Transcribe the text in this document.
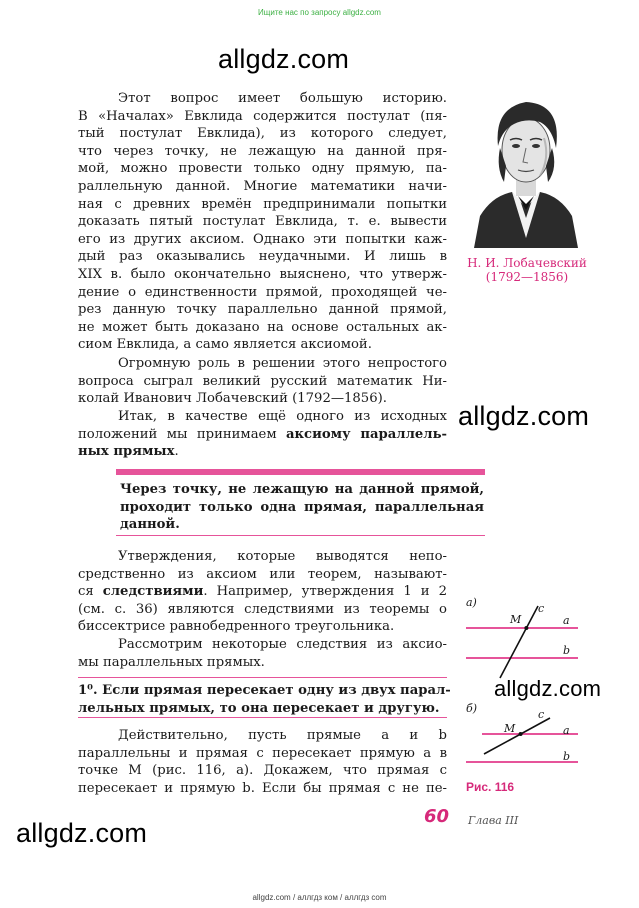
Ищите нас по запросу allgdz.com
allgdz.com
allgdz.com
allgdz.com
allgdz.com
Этот вопрос имеет большую историю.
В «Началах» Евклида содержится постулат (пя-
тый постулат Евклида), из которого следует,
что через точку, не лежащую на данной пря-
мой, можно провести только одну прямую, па-
раллельную данной. Многие математики начи-
ная с древних времён предпринимали попытки
доказать пятый постулат Евклида, т. е. вывести
его из других аксиом. Однако эти попытки каж-
дый раз оказывались неудачными. И лишь в
XIX в. было окончательно выяснено, что утверж-
дение о единственности прямой, проходящей че-
рез данную точку параллельно данной прямой,
не может быть доказано на основе остальных ак-
сиом Евклида, а само является аксиомой.
Огромную роль в решении этого непростого
вопроса сыграл великий русский математик Ни-
колай Иванович Лобачевский (1792—1856).
Итак, в качестве ещё одного из исходных
положений мы принимаем аксиому параллель-
ных прямых.
Через точку, не лежащую на данной прямой,
проходит только одна прямая, параллельная
данной.
Утверждения, которые выводятся непо-
средственно из аксиом или теорем, называют-
ся следствиями. Например, утверждения 1 и 2
(см. с. 36) являются следствиями из теоремы о
биссектрисе равнобедренного треугольника.
Рассмотрим некоторые следствия из аксио-
мы параллельных прямых.
1⁰. Если прямая пересекает одну из двух парал-
лельных прямых, то она пересекает и другую.
Действительно, пусть прямые a и b
параллельны и прямая c пересекает прямую a в
точке M (рис. 116, а). Докажем, что прямая c
пересекает и прямую b. Если бы прямая c не пе-
Н. И. Лобачевский
(1792—1856)
а)
M
c
a
b
б)
M
c
a
b
Рис. 116
60 Глава III
allgdz.com / аллгдз ком / аллгдз com
